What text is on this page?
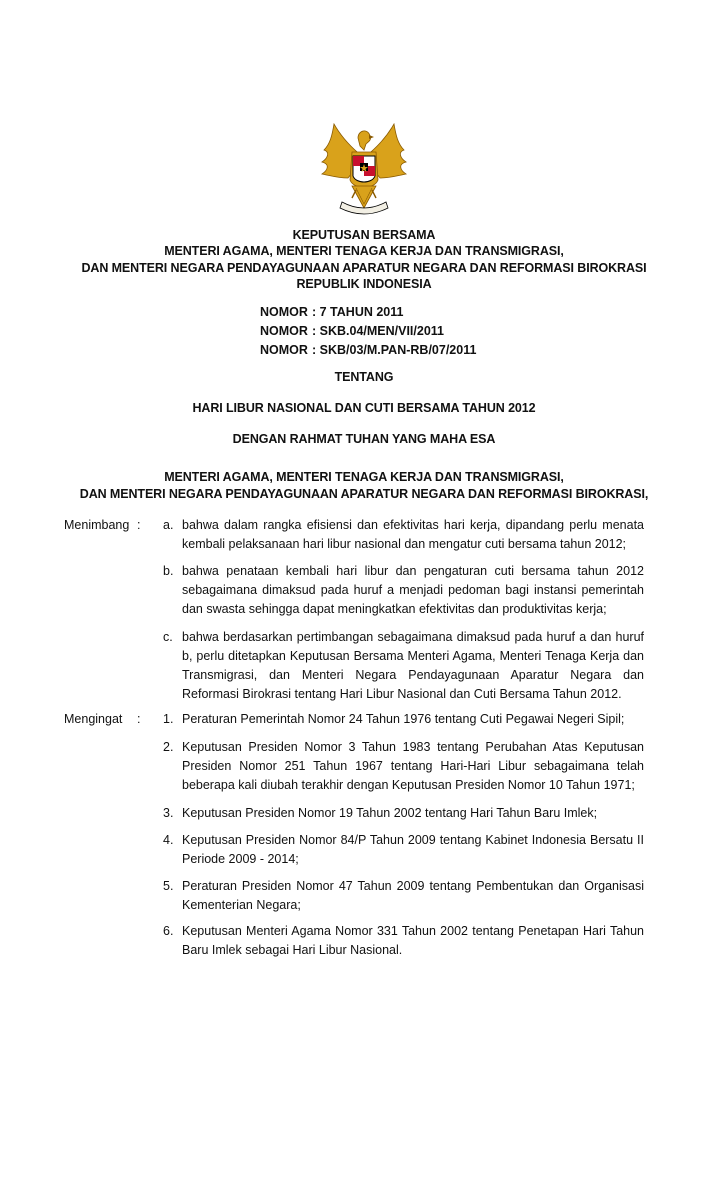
KEPUTUSAN BERSAMA
MENTERI AGAMA, MENTERI TENAGA KERJA DAN TRANSMIGRASI,
DAN MENTERI NEGARA PENDAYAGUNAAN APARATUR NEGARA DAN REFORMASI BIROKRASI
REPUBLIK INDONESIA
NOMOR : 7 TAHUN 2011
NOMOR : SKB.04/MEN/VII/2011
NOMOR : SKB/03/M.PAN-RB/07/2011
TENTANG
HARI LIBUR NASIONAL DAN CUTI BERSAMA TAHUN 2012
DENGAN RAHMAT TUHAN YANG MAHA ESA
MENTERI AGAMA, MENTERI TENAGA KERJA DAN TRANSMIGRASI,
DAN MENTERI NEGARA PENDAYAGUNAAN APARATUR NEGARA DAN REFORMASI BIROKRASI,
Menimbang : a. bahwa dalam rangka efisiensi dan efektivitas hari kerja, dipandang perlu menata kembali pelaksanaan hari libur nasional dan mengatur cuti bersama tahun 2012;
b. bahwa penataan kembali hari libur dan pengaturan cuti bersama tahun 2012 sebagaimana dimaksud pada huruf a menjadi pedoman bagi instansi pemerintah dan swasta sehingga dapat meningkatkan efektivitas dan produktivitas kerja;
c. bahwa berdasarkan pertimbangan sebagaimana dimaksud pada huruf a dan huruf b, perlu ditetapkan Keputusan Bersama Menteri Agama, Menteri Tenaga Kerja dan Transmigrasi, dan Menteri Negara Pendayagunaan Aparatur Negara dan Reformasi Birokrasi tentang Hari Libur Nasional dan Cuti Bersama Tahun 2012.
Mengingat : 1. Peraturan Pemerintah Nomor 24 Tahun 1976 tentang Cuti Pegawai Negeri Sipil;
2. Keputusan Presiden Nomor 3 Tahun 1983 tentang Perubahan Atas Keputusan Presiden Nomor 251 Tahun 1967 tentang Hari-Hari Libur sebagaimana telah beberapa kali diubah terakhir dengan Keputusan Presiden Nomor 10 Tahun 1971;
3. Keputusan Presiden Nomor 19 Tahun 2002 tentang Hari Tahun Baru Imlek;
4. Keputusan Presiden Nomor 84/P Tahun 2009 tentang Kabinet Indonesia Bersatu II Periode 2009 - 2014;
5. Peraturan Presiden Nomor 47 Tahun 2009 tentang Pembentukan dan Organisasi Kementerian Negara;
6. Keputusan Menteri Agama Nomor 331 Tahun 2002 tentang Penetapan Hari Tahun Baru Imlek sebagai Hari Libur Nasional.
